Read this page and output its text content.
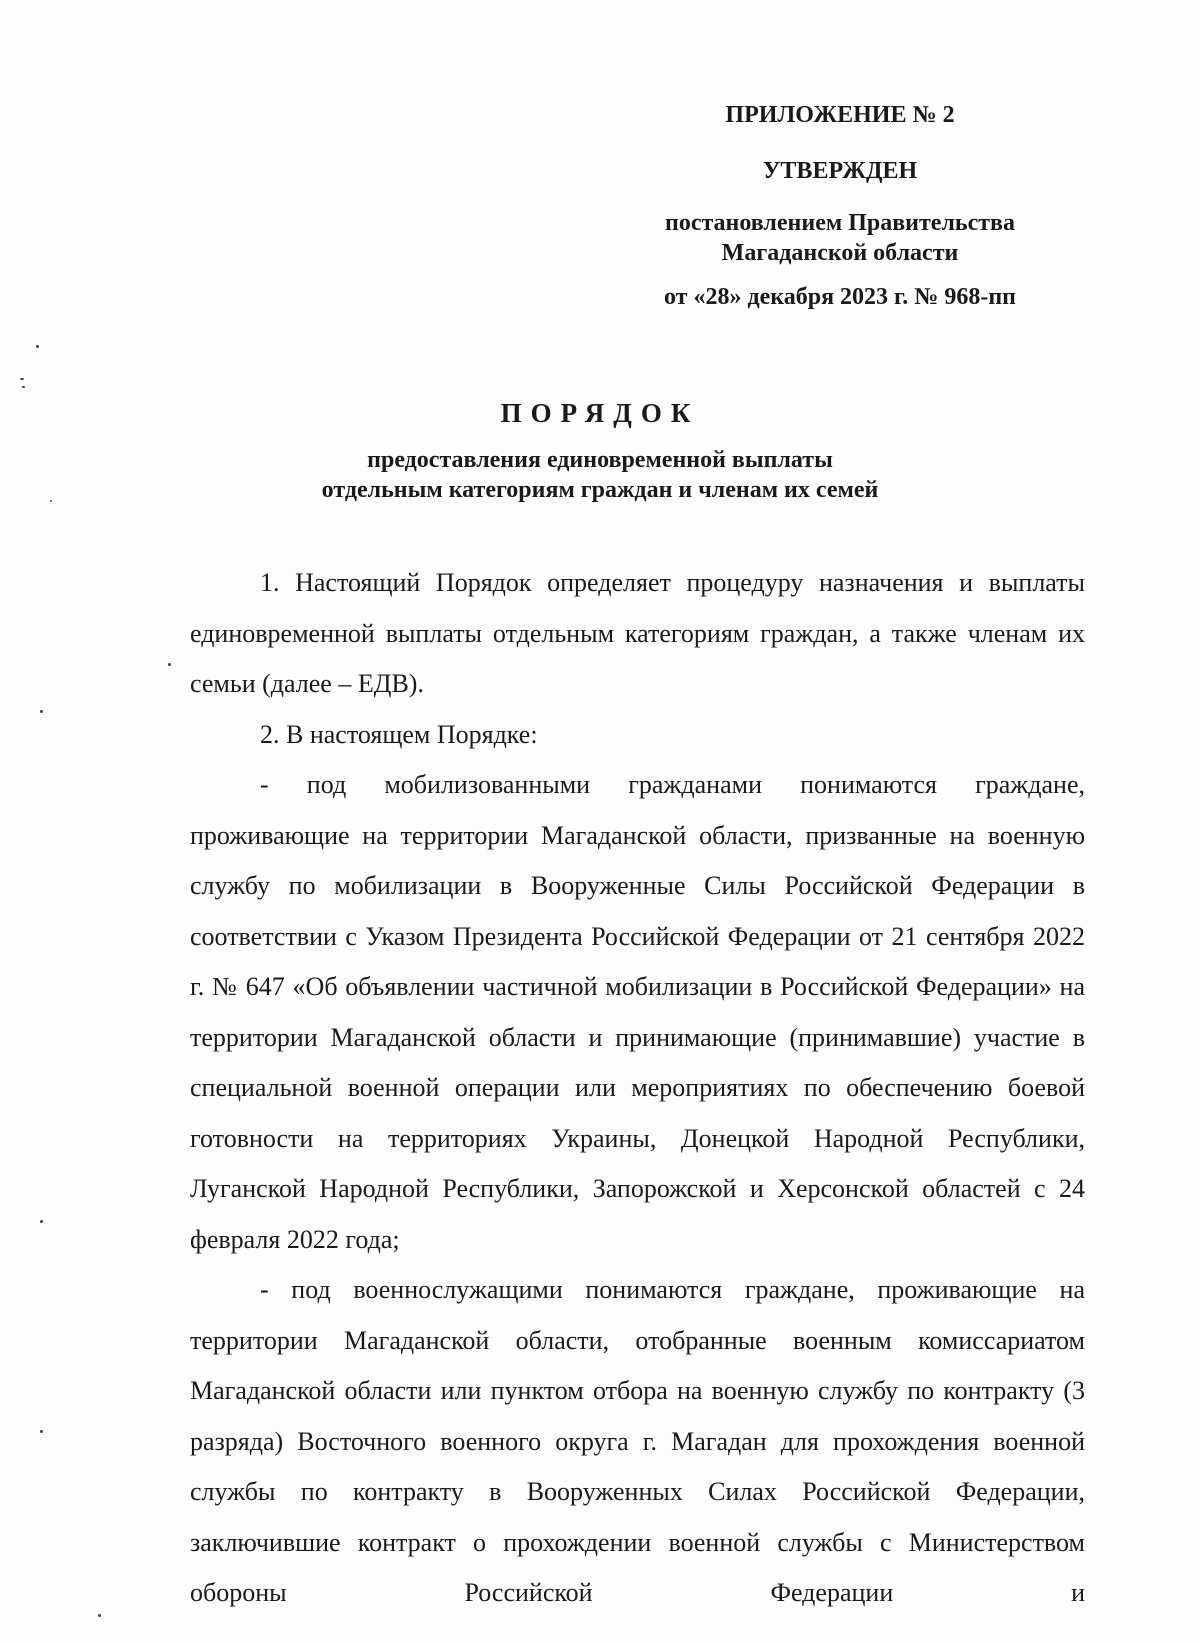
ПРИЛОЖЕНИЕ № 2
УТВЕРЖДЕН
постановлением Правительства
Магаданской области
от «28» декабря 2023 г. № 968-пп
ПОРЯДОК
предоставления единовременной выплаты
отдельным категориям граждан и членам их семей

1. Настоящий Порядок определяет процедуру назначения и выплаты единовременной выплаты отдельным категориям граждан, а также членам их семьи (далее – ЕДВ).

2. В настоящем Порядке:

- под мобилизованными гражданами понимаются граждане, проживающие на территории Магаданской области, призванные на военную службу по мобилизации в Вооруженные Силы Российской Федерации в соответствии с Указом Президента Российской Федерации от 21 сентября 2022 г. № 647 «Об объявлении частичной мобилизации в Российской Федерации» на территории Магаданской области и принимающие (принимавшие) участие в специальной военной операции или мероприятиях по обеспечению боевой готовности на территориях Украины, Донецкой Народной Республики, Луганской Народной Республики, Запорожской и Херсонской областей с 24 февраля 2022 года;

- под военнослужащими понимаются граждане, проживающие на территории Магаданской области, отобранные военным комиссариатом Магаданской области или пунктом отбора на военную службу по контракту (3 разряда) Восточного военного округа г. Магадан для прохождения военной службы по контракту в Вооруженных Силах Российской Федерации, заключившие контракт о прохождении военной службы с Министерством обороны Российской Федерации и
